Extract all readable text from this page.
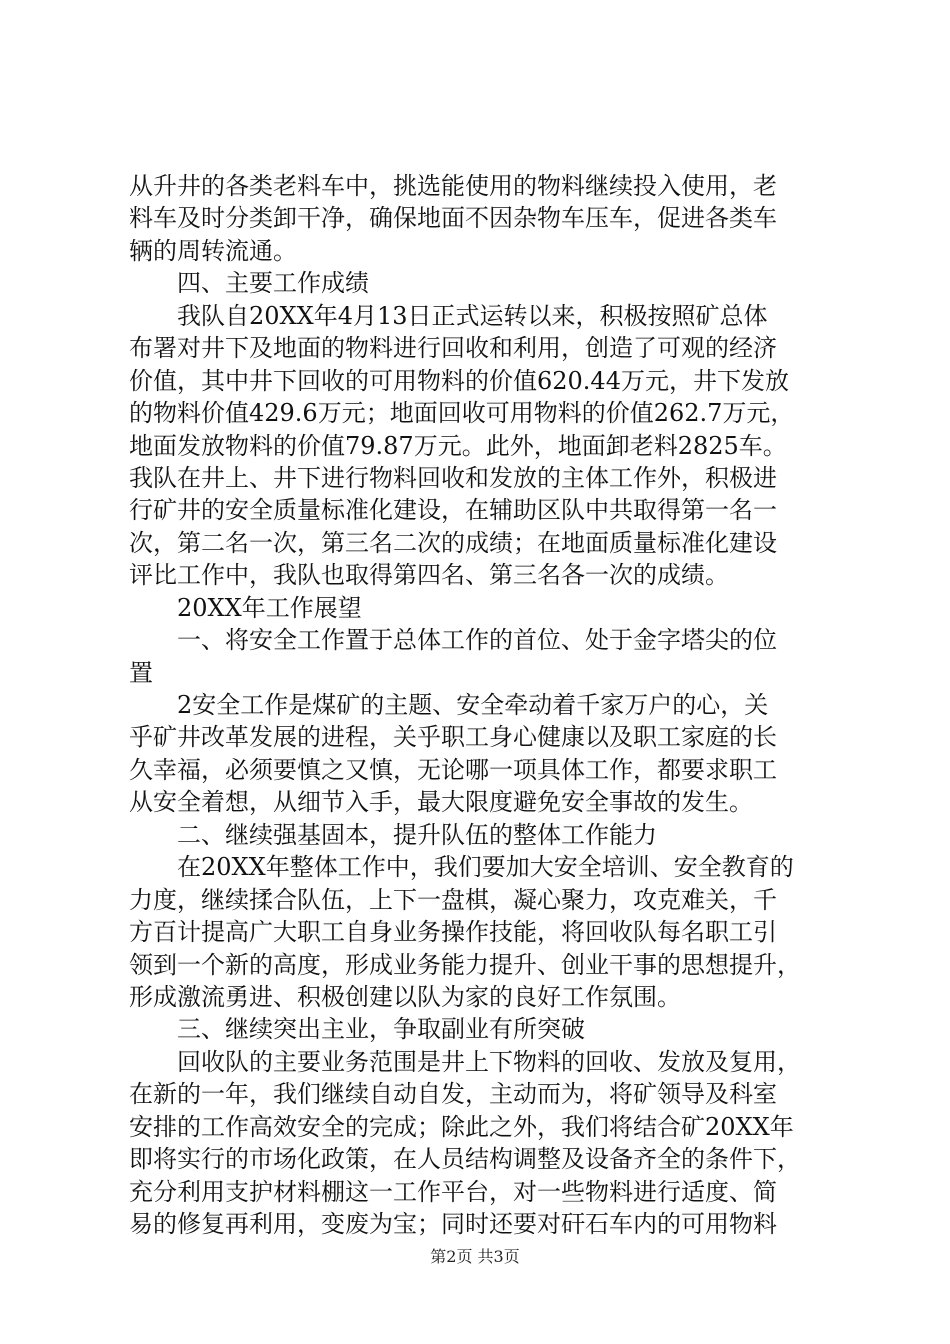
从升井的各类老料车中，挑选能使用的物料继续投入使用，老
料车及时分类卸干净，确保地面不因杂物车压车，促进各类车
辆的周转流通。
四、主要工作成绩
我队自20XX年4月13日正式运转以来，积极按照矿总体
布署对井下及地面的物料进行回收和利用，创造了可观的经济
价值，其中井下回收的可用物料的价值620.44万元，井下发放
的物料价值429.6万元；地面回收可用物料的价值262.7万元，
地面发放物料的价值79.87万元。此外，地面卸老料2825车。
我队在井上、井下进行物料回收和发放的主体工作外，积极进
行矿井的安全质量标准化建设，在辅助区队中共取得第一名一
次，第二名一次，第三名二次的成绩；在地面质量标准化建设
评比工作中，我队也取得第四名、第三名各一次的成绩。
20XX年工作展望
一、将安全工作置于总体工作的首位、处于金字塔尖的位
置
2安全工作是煤矿的主题、安全牵动着千家万户的心，关
乎矿井改革发展的进程，关乎职工身心健康以及职工家庭的长
久幸福，必须要慎之又慎，无论哪一项具体工作，都要求职工
从安全着想，从细节入手，最大限度避免安全事故的发生。
二、继续强基固本，提升队伍的整体工作能力
在20XX年整体工作中，我们要加大安全培训、安全教育的
力度，继续揉合队伍，上下一盘棋，凝心聚力，攻克难关，千
方百计提高广大职工自身业务操作技能，将回收队每名职工引
领到一个新的高度，形成业务能力提升、创业干事的思想提升，
形成激流勇进、积极创建以队为家的良好工作氛围。
三、继续突出主业，争取副业有所突破
回收队的主要业务范围是井上下物料的回收、发放及复用，
在新的一年，我们继续自动自发，主动而为，将矿领导及科室
安排的工作高效安全的完成；除此之外，我们将结合矿20XX年
即将实行的市场化政策，在人员结构调整及设备齐全的条件下，
充分利用支护材料棚这一工作平台，对一些物料进行适度、简
易的修复再利用，变废为宝；同时还要对矸石车内的可用物料
第2页 共3页
